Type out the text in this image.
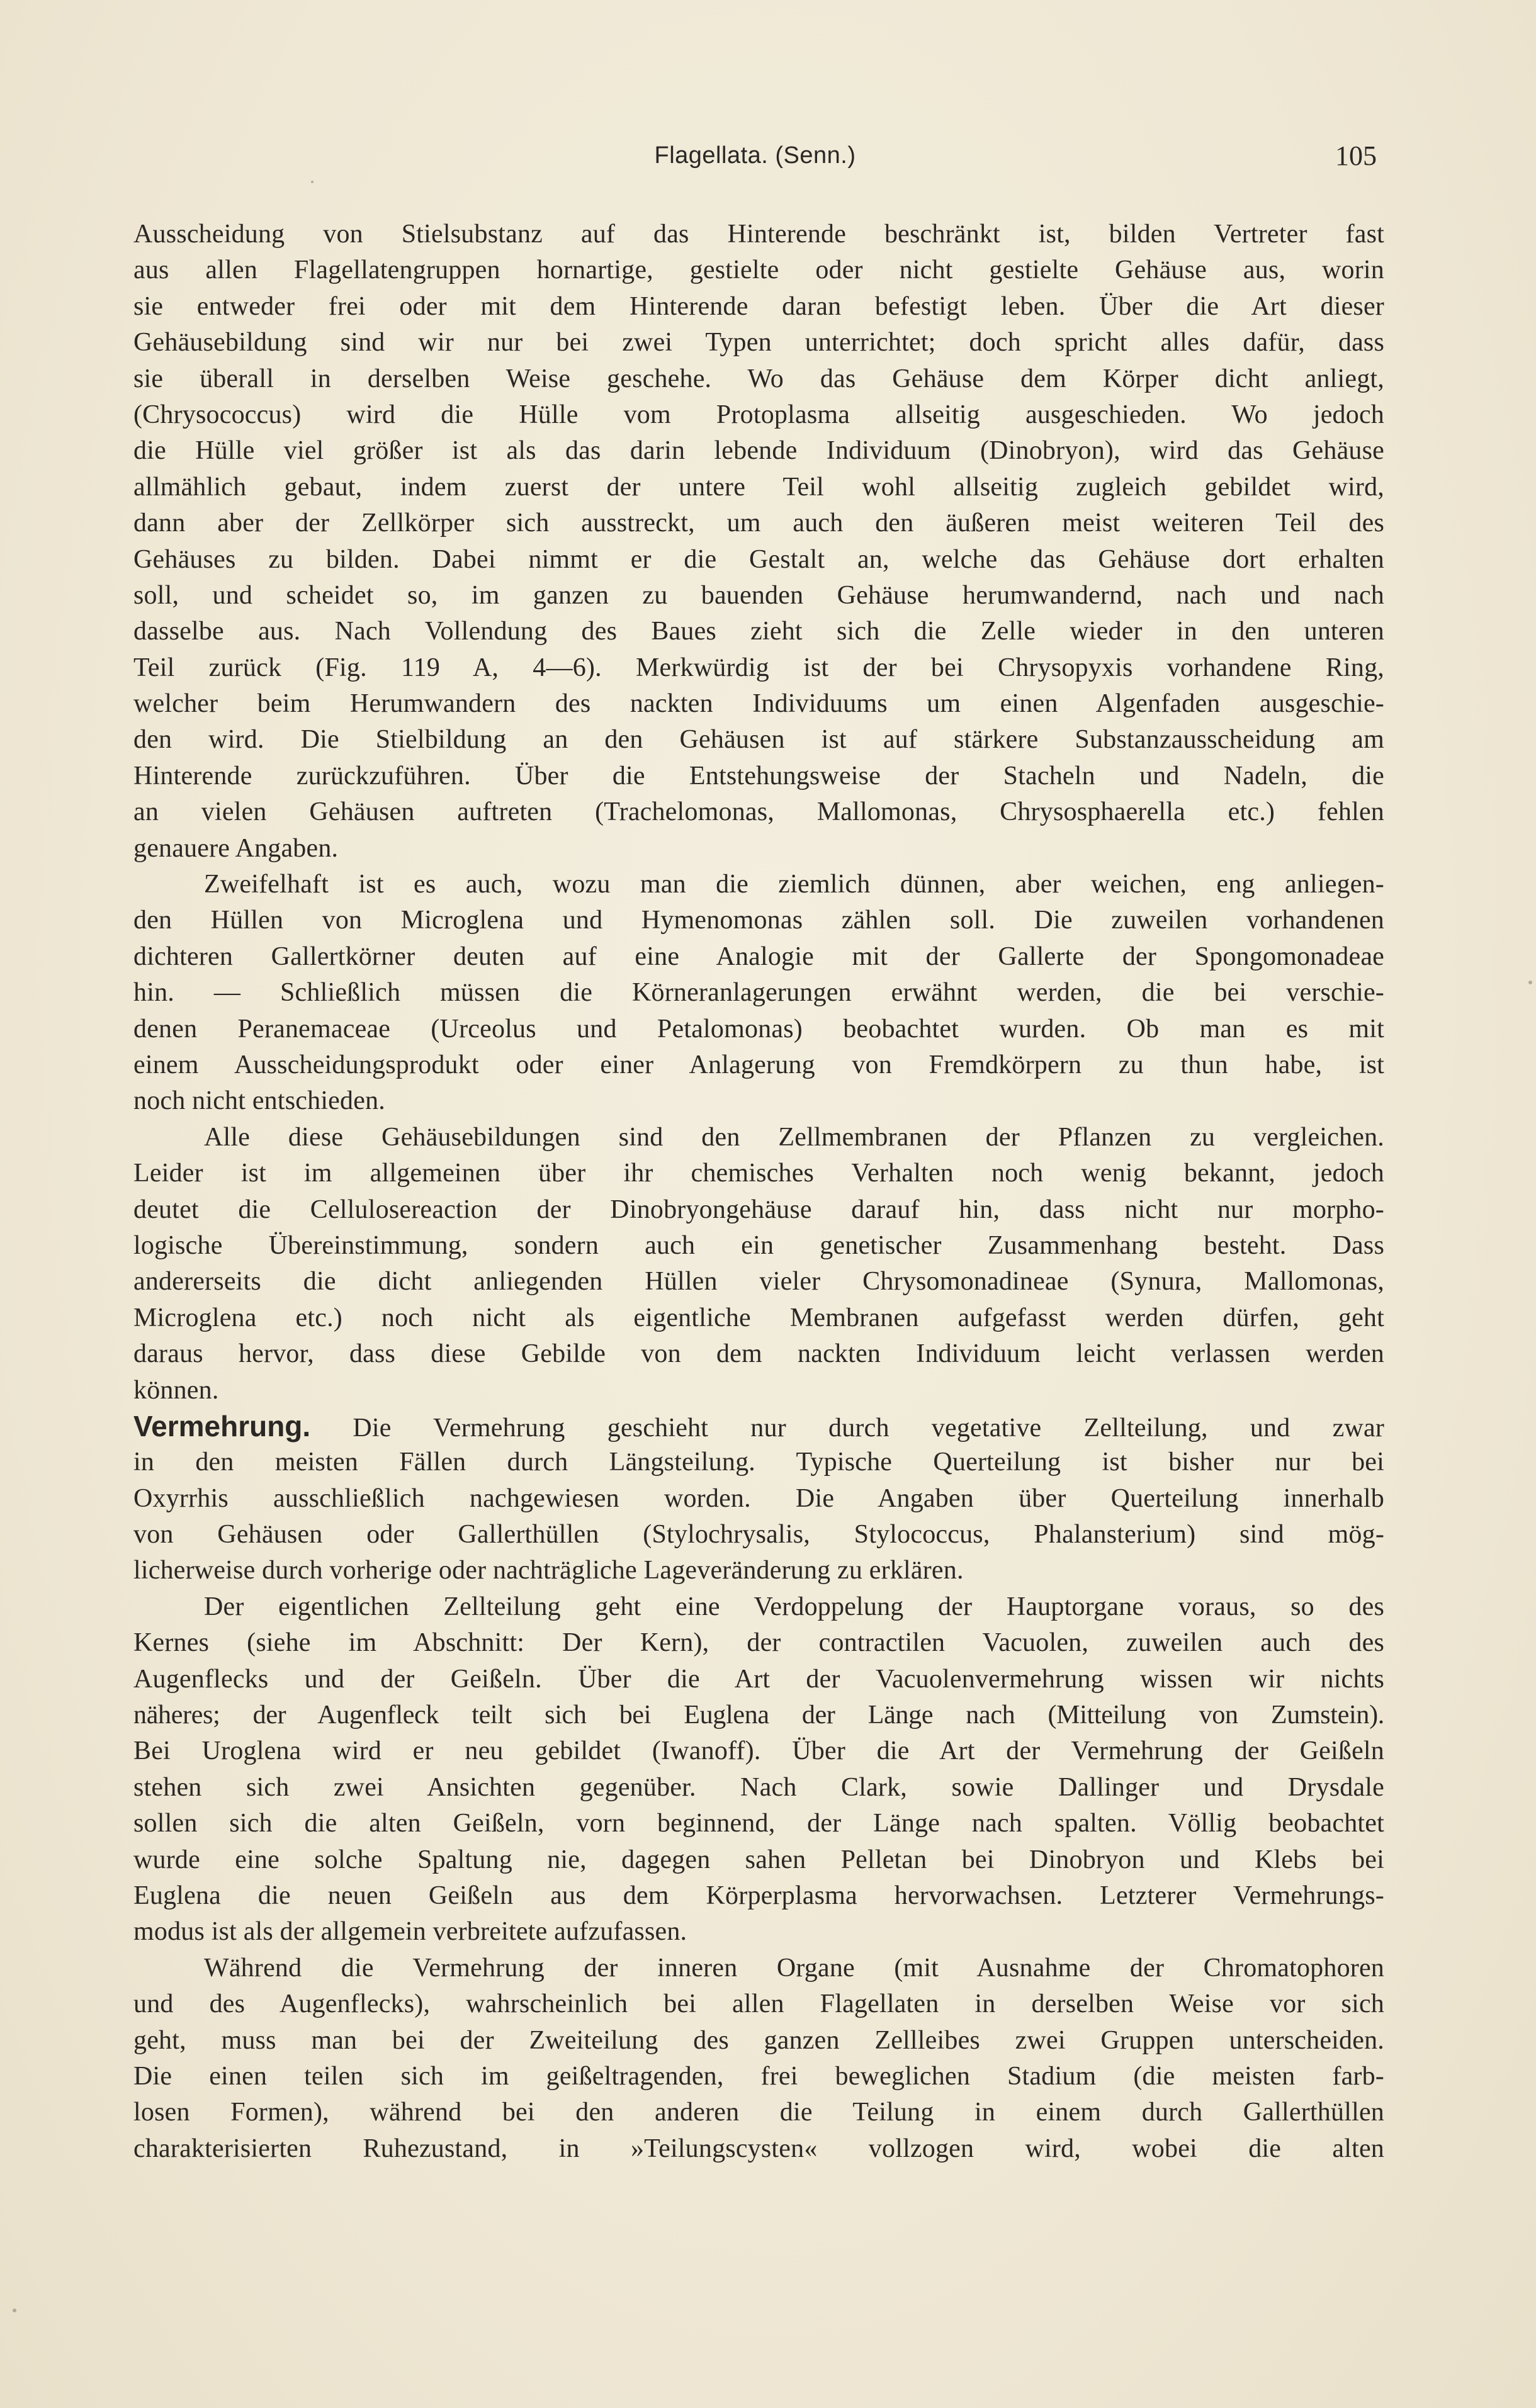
Flagellata. (Senn.)	105
Ausscheidung von Stielsubstanz auf das Hinterende beschränkt ist, bilden Vertreter fast
aus allen Flagellatengruppen hornartige, gestielte oder nicht gestielte Gehäuse aus, worin
sie entweder frei oder mit dem Hinterende daran befestigt leben. Über die Art dieser
Gehäusebildung sind wir nur bei zwei Typen unterrichtet; doch spricht alles dafür, dass
sie überall in derselben Weise geschehe. Wo das Gehäuse dem Körper dicht anliegt,
(Chrysococcus) wird die Hülle vom Protoplasma allseitig ausgeschieden. Wo jedoch
die Hülle viel größer ist als das darin lebende Individuum (Dinobryon), wird das Gehäuse
allmählich gebaut, indem zuerst der untere Teil wohl allseitig zugleich gebildet wird,
dann aber der Zellkörper sich ausstreckt, um auch den äußeren meist weiteren Teil des
Gehäuses zu bilden. Dabei nimmt er die Gestalt an, welche das Gehäuse dort erhalten
soll, und scheidet so, im ganzen zu bauenden Gehäuse herumwandernd, nach und nach
dasselbe aus. Nach Vollendung des Baues zieht sich die Zelle wieder in den unteren
Teil zurück (Fig. 119 A, 4—6). Merkwürdig ist der bei Chrysopyxis vorhandene Ring,
welcher beim Herumwandern des nackten Individuums um einen Algenfaden ausgeschie-
den wird. Die Stielbildung an den Gehäusen ist auf stärkere Substanzausscheidung am
Hinterende zurückzuführen. Über die Entstehungsweise der Stacheln und Nadeln, die
an vielen Gehäusen auftreten (Trachelomonas, Mallomonas, Chrysosphaerella etc.) fehlen
genauere Angaben.
Zweifelhaft ist es auch, wozu man die ziemlich dünnen, aber weichen, eng anliegen-
den Hüllen von Microglena und Hymenomonas zählen soll. Die zuweilen vorhandenen
dichteren Gallertkörner deuten auf eine Analogie mit der Gallerte der Spongomonadeae
hin. — Schließlich müssen die Körneranlagerungen erwähnt werden, die bei verschie-
denen Peranemaceae (Urceolus und Petalomonas) beobachtet wurden. Ob man es mit
einem Ausscheidungsprodukt oder einer Anlagerung von Fremdkörpern zu thun habe, ist
noch nicht entschieden.
Alle diese Gehäusebildungen sind den Zellmembranen der Pflanzen zu vergleichen.
Leider ist im allgemeinen über ihr chemisches Verhalten noch wenig bekannt, jedoch
deutet die Cellulosereaction der Dinobryongehäuse darauf hin, dass nicht nur morpho-
logische Übereinstimmung, sondern auch ein genetischer Zusammenhang besteht. Dass
andererseits die dicht anliegenden Hüllen vieler Chrysomonadineae (Synura, Mallomonas,
Microglena etc.) noch nicht als eigentliche Membranen aufgefasst werden dürfen, geht
daraus hervor, dass diese Gebilde von dem nackten Individuum leicht verlassen werden
können.
Vermehrung. Die Vermehrung geschieht nur durch vegetative Zellteilung, und zwar
in den meisten Fällen durch Längsteilung. Typische Querteilung ist bisher nur bei
Oxyrrhis ausschließlich nachgewiesen worden. Die Angaben über Querteilung innerhalb
von Gehäusen oder Gallerthüllen (Stylochrysalis, Stylococcus, Phalansterium) sind mög-
licherweise durch vorherige oder nachträgliche Lageveränderung zu erklären.
Der eigentlichen Zellteilung geht eine Verdoppelung der Hauptorgane voraus, so des
Kernes (siehe im Abschnitt: Der Kern), der contractilen Vacuolen, zuweilen auch des
Augenflecks und der Geißeln. Über die Art der Vacuolenvermehrung wissen wir nichts
näheres; der Augenfleck teilt sich bei Euglena der Länge nach (Mitteilung von Zumstein).
Bei Uroglena wird er neu gebildet (Iwanoff). Über die Art der Vermehrung der Geißeln
stehen sich zwei Ansichten gegenüber. Nach Clark, sowie Dallinger und Drysdale
sollen sich die alten Geißeln, vorn beginnend, der Länge nach spalten. Völlig beobachtet
wurde eine solche Spaltung nie, dagegen sahen Pelletan bei Dinobryon und Klebs bei
Euglena die neuen Geißeln aus dem Körperplasma hervorwachsen. Letzterer Vermehrungs-
modus ist als der allgemein verbreitete aufzufassen.
Während die Vermehrung der inneren Organe (mit Ausnahme der Chromatophoren
und des Augenflecks), wahrscheinlich bei allen Flagellaten in derselben Weise vor sich
geht, muss man bei der Zweiteilung des ganzen Zellleibes zwei Gruppen unterscheiden.
Die einen teilen sich im geißeltragenden, frei beweglichen Stadium (die meisten farb-
losen Formen), während bei den anderen die Teilung in einem durch Gallerthüllen
charakterisierten Ruhezustand, in »Teilungscysten« vollzogen wird, wobei die alten
